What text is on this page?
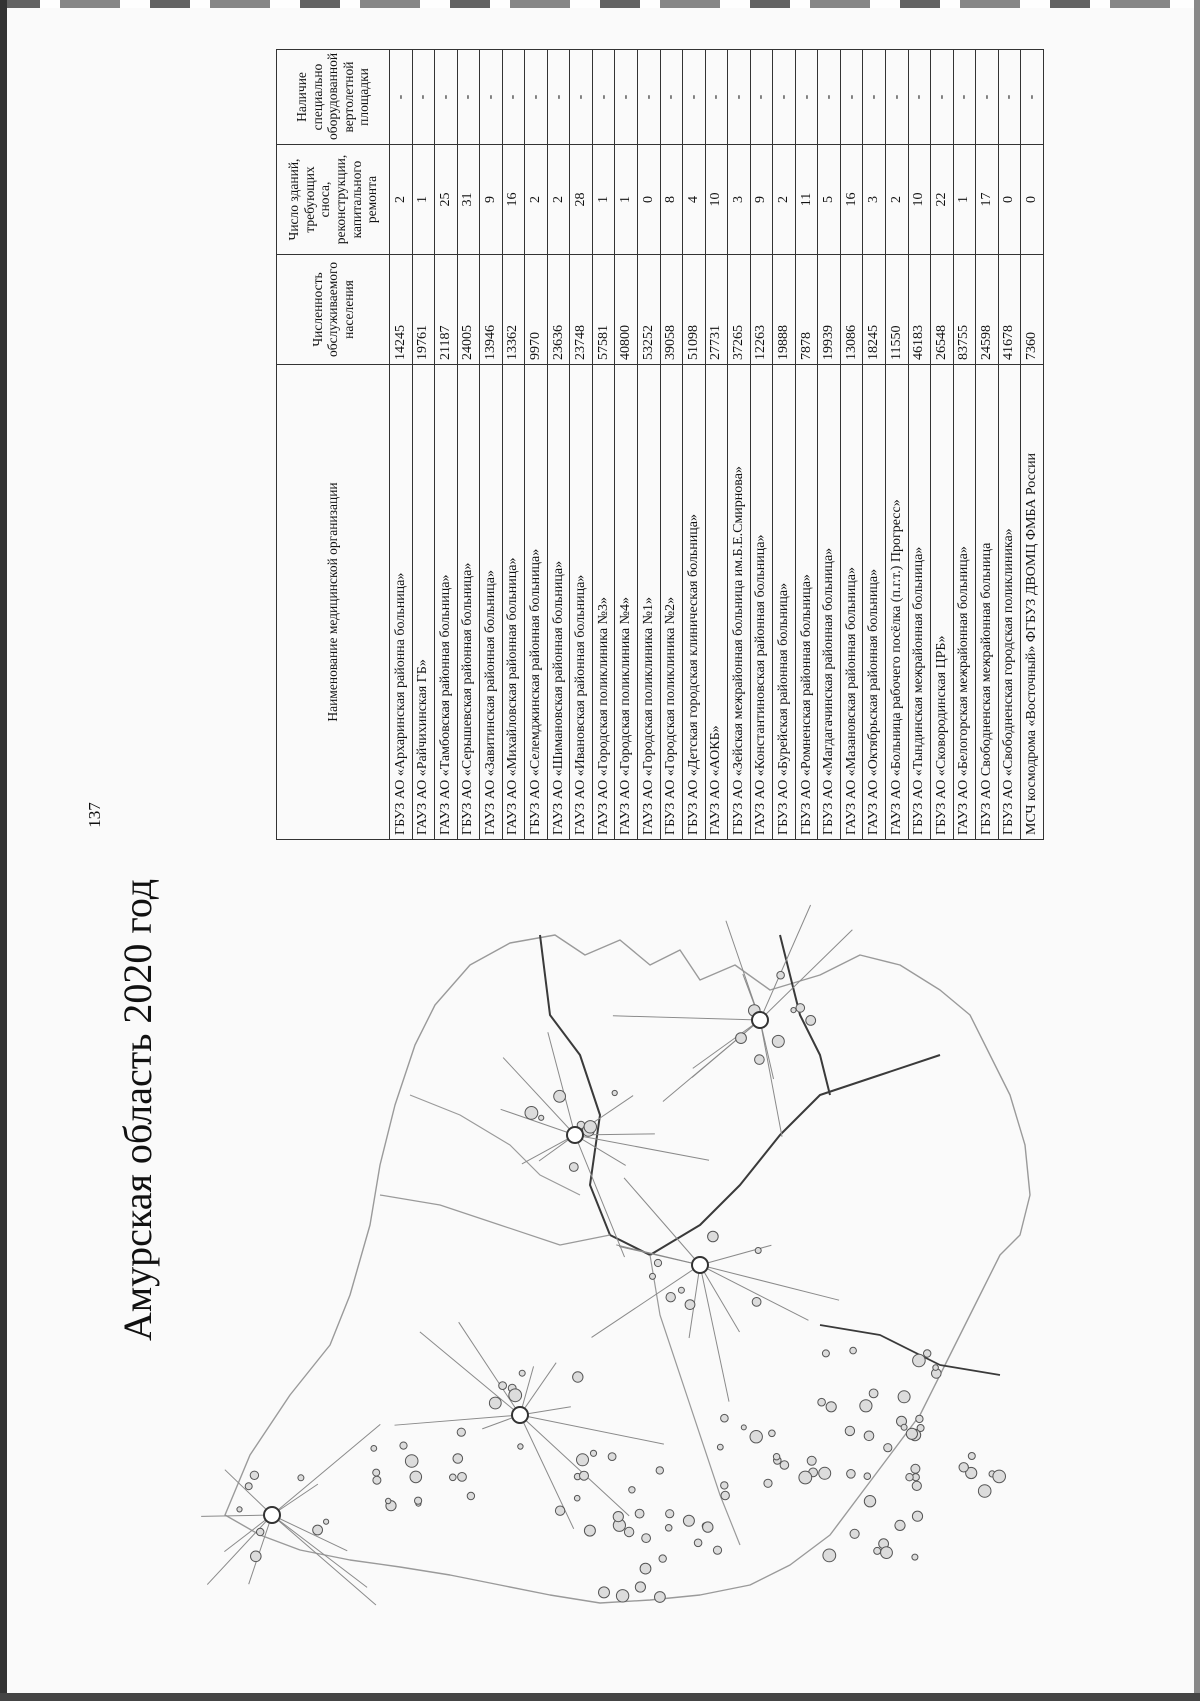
137
Наименование медицинской организации	Численность обслуживаемого населения	Число зданий, требующих сноса, реконструкции, капитального ремонта	Наличие специально оборудованной вертолетной площадки
ГБУЗ АО «Архаринская районна больница»	14245	2	-
ГАУЗ АО «Райчихинская ГБ»	19761	1	-
ГАУЗ АО «Тамбовская районная больница»	21187	25	-
ГБУЗ АО «Серышевская районная больница»	24005	31	-
ГАУЗ АО «Завитинская районная больница»	13946	9	-
ГАУЗ АО «Михайловская районная больница»	13362	16	-
ГБУЗ АО «Селемджинская районная больница»	9970	2	-
ГАУЗ АО «Шимановская районная больница»	23636	2	-
ГАУЗ АО «Ивановская районная больница»	23748	28	-
ГАУЗ АО «Городская поликлиника №3»	57581	1	-
ГАУЗ АО «Городская поликлиника №4»	40800	1	-
ГАУЗ АО «Городская поликлиника №1»	53252	0	-
ГБУЗ АО «Городская поликлиника №2»	39058	8	-
ГБУЗ АО «Детская городская клиническая больница»	51098	4	-
ГАУЗ АО «АОКБ»	27731	10	-
ГБУЗ АО «Зейская межрайонная больница им.Б.Е.Смирнова»	37265	3	-
ГАУЗ АО «Константиновская районная больница»	12263	9	-
ГБУЗ АО «Бурейская районная больница»	19888	2	-
ГБУЗ АО «Ромненская районная больница»	7878	11	-
ГБУЗ АО «Магдагачинская районная больница»	19939	5	-
ГАУЗ АО «Мазановская районная больница»	13086	16	-
ГАУЗ АО «Октябрьская районная больница»	18245	3	-
ГАУЗ АО «Больница рабочего посёлка (п.г.т.) Прогресс»	11550	2	-
ГБУЗ АО «Тындинская межрайонная больница»	46183	10	-
ГБУЗ АО «Сковородинская ЦРБ»	26548	22	-
ГАУЗ АО «Белогорская межрайонная больница»	83755	1	-
ГБУЗ АО Свободненская межрайонная больница	24598	17	-
ГБУЗ АО «Свободненская городская поликлиника»	41678	0	-
МСЧ космодрома «Восточный» ФГБУЗ ДВОМЦ ФМБА России	7360	0	-
Амурская область 2020 год
